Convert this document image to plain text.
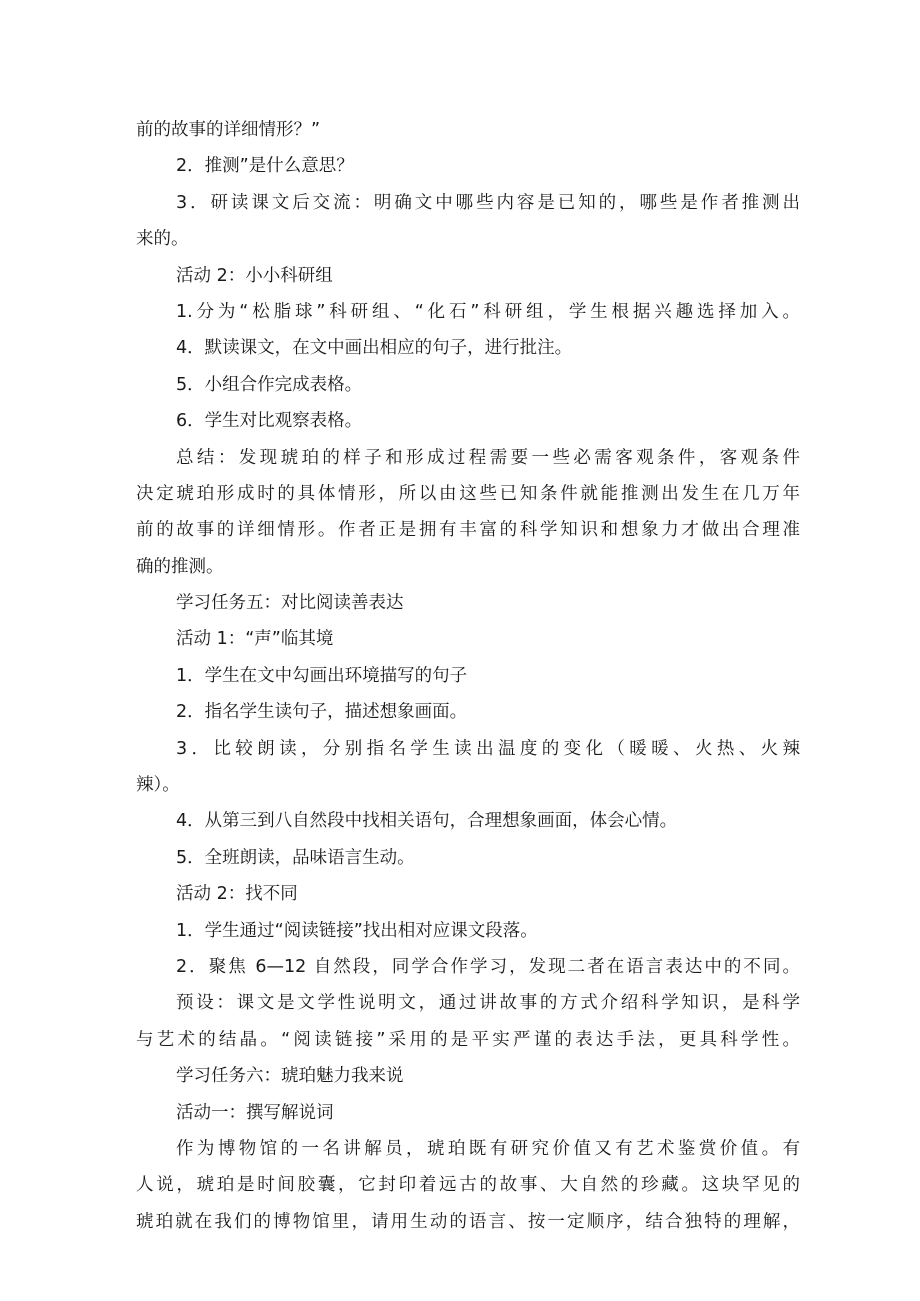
前的故事的详细情形？”
2．推测”是什么意思？
3．研读课文后交流：明确文中哪些内容是已知的，哪些是作者推测出
来的。
活动 2：小小科研组
1.分为“松脂球”科研组、“化石”科研组，学生根据兴趣选择加入。
4．默读课文，在文中画出相应的句子，进行批注。
5．小组合作完成表格。
6．学生对比观察表格。
总结：发现琥珀的样子和形成过程需要一些必需客观条件，客观条件
决定琥珀形成时的具体情形，所以由这些已知条件就能推测出发生在几万年
前的故事的详细情形。作者正是拥有丰富的科学知识和想象力才做出合理准
确的推测。
学习任务五：对比阅读善表达
活动 1：“声”临其境
1．学生在文中勾画出环境描写的句子
2．指名学生读句子，描述想象画面。
3．比较朗读，分别指名学生读出温度的变化（暖暖、火热、火辣
辣）。
4．从第三到八自然段中找相关语句，合理想象画面，体会心情。
5．全班朗读，品味语言生动。
活动 2：找不同
1．学生通过“阅读链接”找出相对应课文段落。
2．聚焦 6—12 自然段，同学合作学习，发现二者在语言表达中的不同。
预设：课文是文学性说明文，通过讲故事的方式介绍科学知识，是科学
与艺术的结晶。“阅读链接”采用的是平实严谨的表达手法，更具科学性。
学习任务六：琥珀魅力我来说
活动一：撰写解说词
作为博物馆的一名讲解员，琥珀既有研究价值又有艺术鉴赏价值。有
人说，琥珀是时间胶囊，它封印着远古的故事、大自然的珍藏。这块罕见的
琥珀就在我们的博物馆里，请用生动的语言、按一定顺序，结合独特的理解，
